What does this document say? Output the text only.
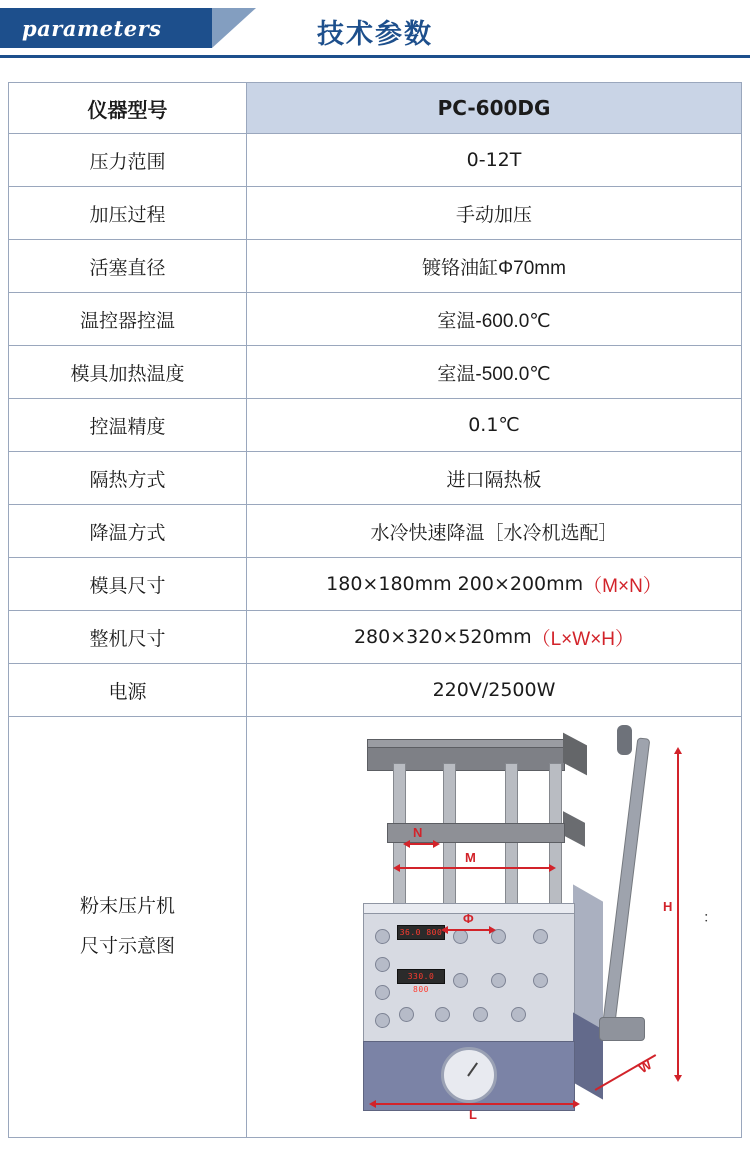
parameters	技术参数
仪器型号	PC-600DG
压力范围	0-12T
加压过程	手动加压
活塞直径	镀铬油缸Φ70mm
温控器控温	室温-600.0℃
模具加热温度	室温-500.0℃
控温精度	0.1℃
隔热方式	进口隔热板
降温方式	水冷快速降温［水冷机选配］
模具尺寸	180×180mm 200×200mm （M×N）
整机尺寸	280×320×520mm （L×W×H）
电源	220V/2500W
粉末压片机
尺寸示意图
36.0 800
330.0 800
N
M
Φ
H
W
L
：
